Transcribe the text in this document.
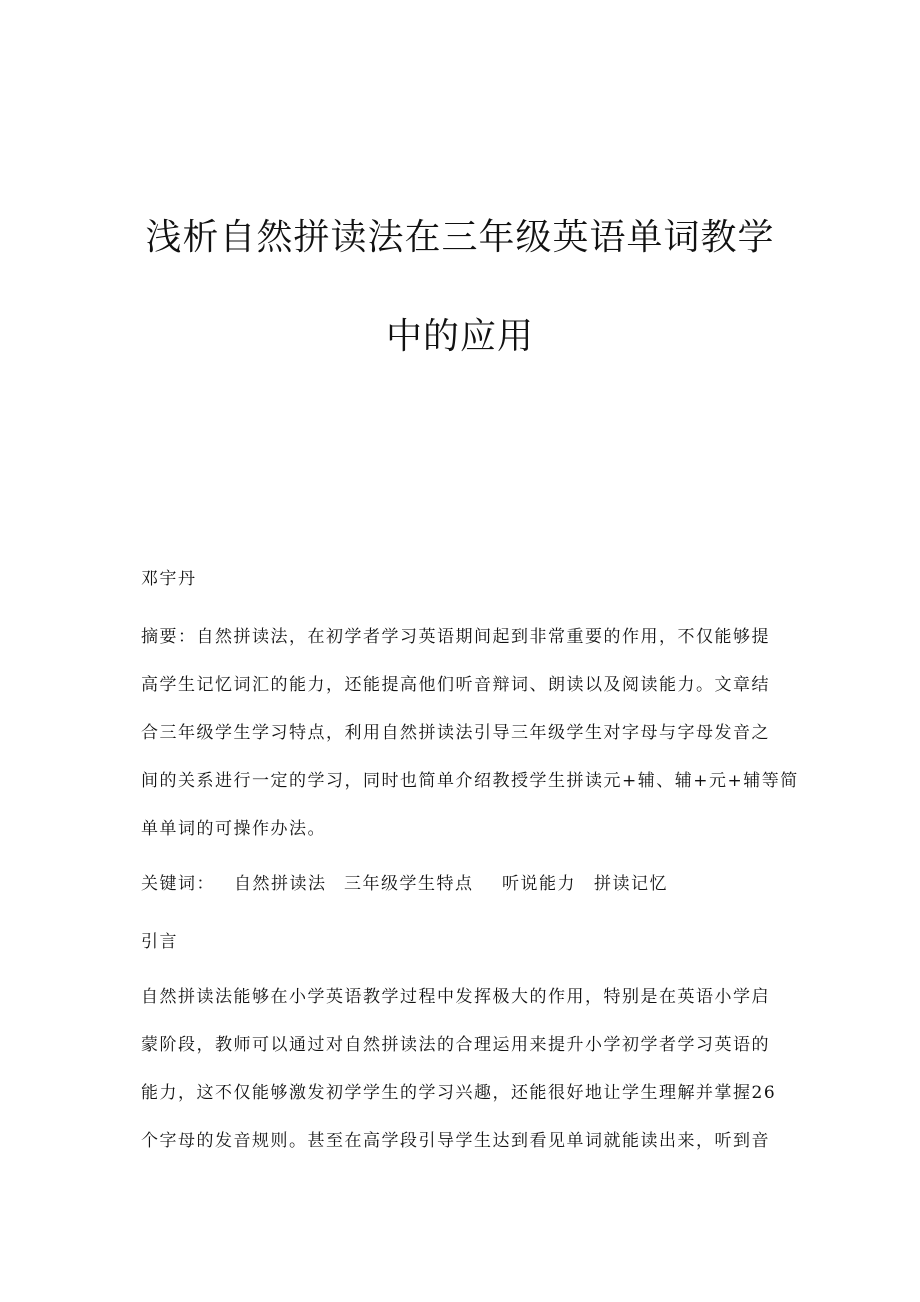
浅析自然拼读法在三年级英语单词教学
中的应用
邓宇丹
摘要：自然拼读法，在初学者学习英语期间起到非常重要的作用，不仅能够提
高学生记忆词汇的能力，还能提高他们听音辩词、朗读以及阅读能力。文章结
合三年级学生学习特点，利用自然拼读法引导三年级学生对字母与字母发音之
间的关系进行一定的学习，同时也简单介绍教授学生拼读元+辅、辅+元+辅等简
单单词的可操作办法。
关键词： 自然拼读法 三年级学生特点 听说能力 拼读记忆
引言
自然拼读法能够在小学英语教学过程中发挥极大的作用，特别是在英语小学启
蒙阶段，教师可以通过对自然拼读法的合理运用来提升小学初学者学习英语的
能力，这不仅能够激发初学学生的学习兴趣，还能很好地让学生理解并掌握26
个字母的发音规则。甚至在高学段引导学生达到看见单词就能读出来，听到音
